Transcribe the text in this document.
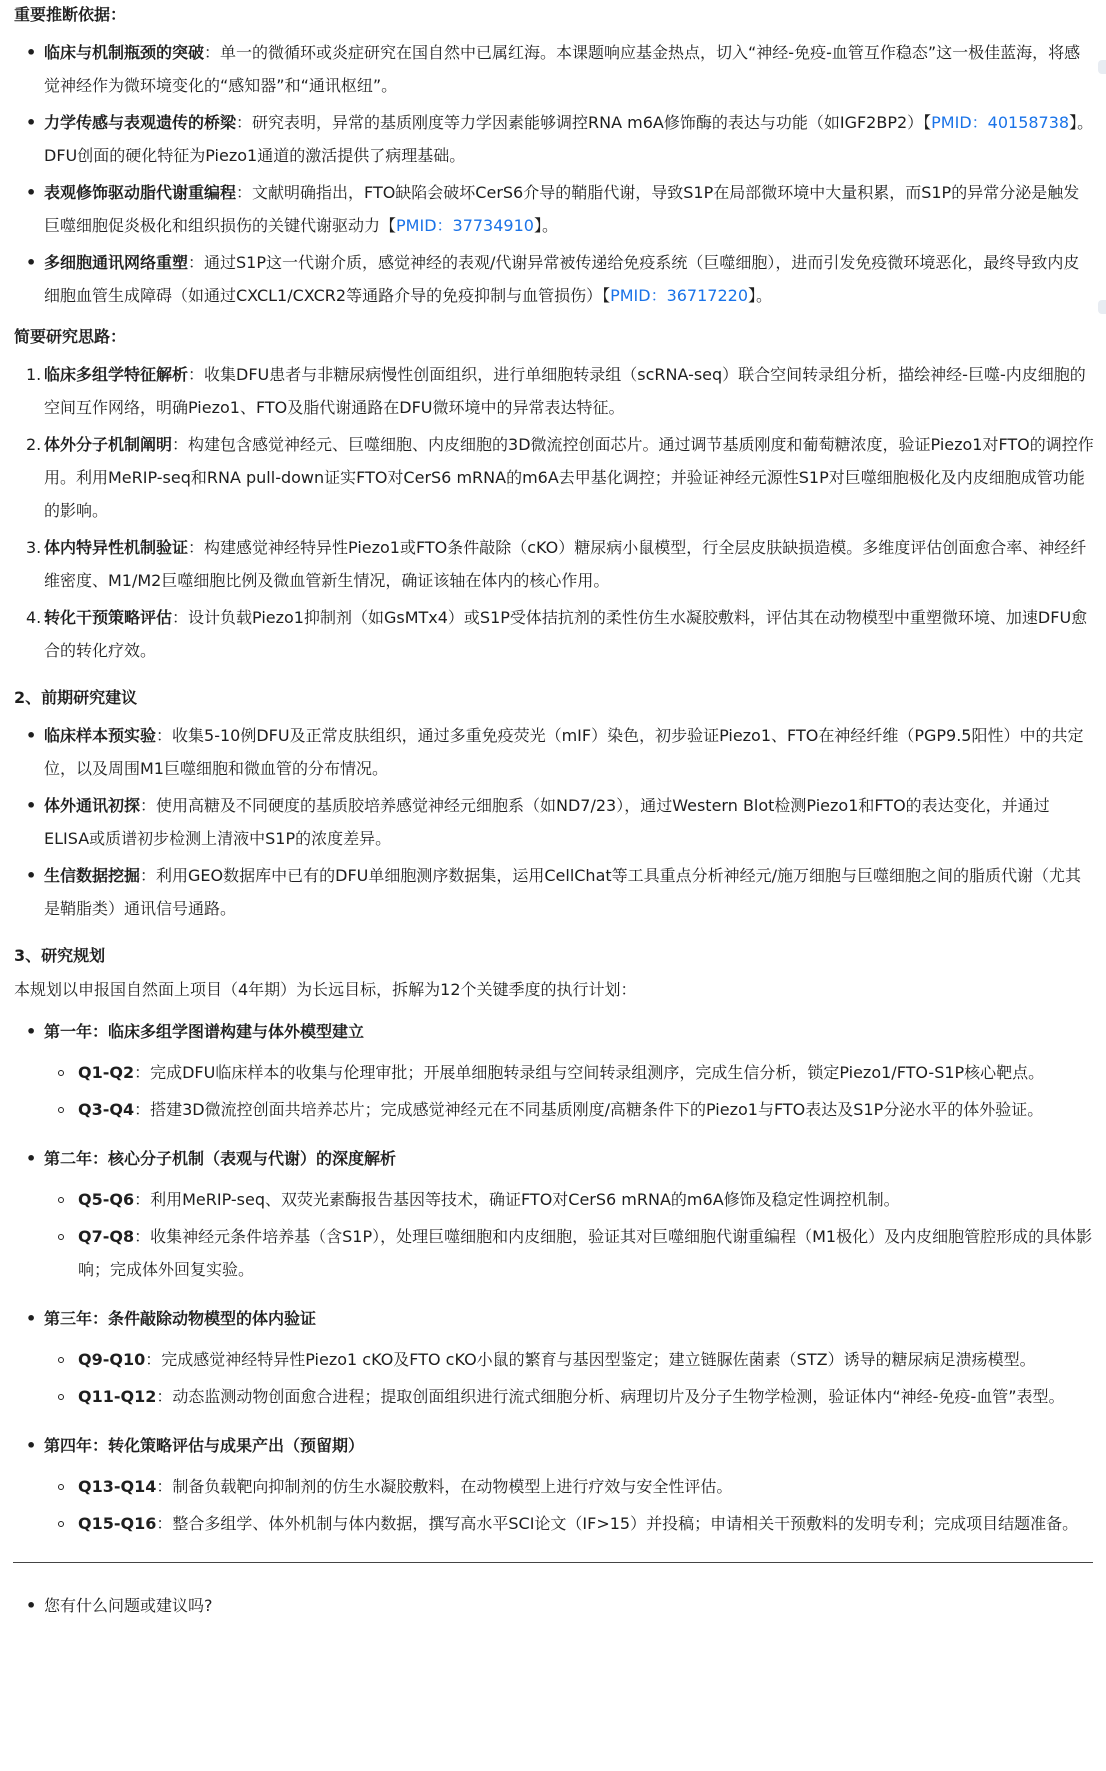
重要推断依据：
• 临床与机制瓶颈的突破：单一的微循环或炎症研究在国自然中已属红海。本课题响应基金热点，切入“神经-免疫-血管互作稳态”这一极佳蓝海，将感觉神经作为微环境变化的“感知器”和“通讯枢纽”。
• 力学传感与表观遗传的桥梁：研究表明，异常的基质刚度等力学因素能够调控RNA m6A修饰酶的表达与功能（如IGF2BP2）【PMID：40158738】。DFU创面的硬化特征为Piezo1通道的激活提供了病理基础。
• 表观修饰驱动脂代谢重编程：文献明确指出，FTO缺陷会破坏CerS6介导的鞘脂代谢，导致S1P在局部微环境中大量积累，而S1P的异常分泌是触发巨噬细胞促炎极化和组织损伤的关键代谢驱动力【PMID：37734910】。
• 多细胞通讯网络重塑：通过S1P这一代谢介质，感觉神经的表观/代谢异常被传递给免疫系统（巨噬细胞），进而引发免疫微环境恶化，最终导致内皮细胞血管生成障碍（如通过CXCL1/CXCR2等通路介导的免疫抑制与血管损伤）【PMID：36717220】。
简要研究思路：
1. 临床多组学特征解析：收集DFU患者与非糖尿病慢性创面组织，进行单细胞转录组（scRNA-seq）联合空间转录组分析，描绘神经-巨噬-内皮细胞的空间互作网络，明确Piezo1、FTO及脂代谢通路在DFU微环境中的异常表达特征。
2. 体外分子机制阐明：构建包含感觉神经元、巨噬细胞、内皮细胞的3D微流控创面芯片。通过调节基质刚度和葡萄糖浓度，验证Piezo1对FTO的调控作用。利用MeRIP-seq和RNA pull-down证实FTO对CerS6 mRNA的m6A去甲基化调控；并验证神经元源性S1P对巨噬细胞极化及内皮细胞成管功能的影响。
3. 体内特异性机制验证：构建感觉神经特异性Piezo1或FTO条件敲除（cKO）糖尿病小鼠模型，行全层皮肤缺损造模。多维度评估创面愈合率、神经纤维密度、M1/M2巨噬细胞比例及微血管新生情况，确证该轴在体内的核心作用。
4. 转化干预策略评估：设计负载Piezo1抑制剂（如GsMTx4）或S1P受体拮抗剂的柔性仿生水凝胶敷料，评估其在动物模型中重塑微环境、加速DFU愈合的转化疗效。
2、前期研究建议
• 临床样本预实验：收集5-10例DFU及正常皮肤组织，通过多重免疫荧光（mIF）染色，初步验证Piezo1、FTO在神经纤维（PGP9.5阳性）中的共定位，以及周围M1巨噬细胞和微血管的分布情况。
• 体外通讯初探：使用高糖及不同硬度的基质胶培养感觉神经元细胞系（如ND7/23），通过Western Blot检测Piezo1和FTO的表达变化，并通过ELISA或质谱初步检测上清液中S1P的浓度差异。
• 生信数据挖掘：利用GEO数据库中已有的DFU单细胞测序数据集，运用CellChat等工具重点分析神经元/施万细胞与巨噬细胞之间的脂质代谢（尤其是鞘脂类）通讯信号通路。
3、研究规划
本规划以申报国自然面上项目（4年期）为长远目标，拆解为12个关键季度的执行计划：
• 第一年：临床多组学图谱构建与体外模型建立
Q1-Q2：完成DFU临床样本的收集与伦理审批；开展单细胞转录组与空间转录组测序，完成生信分析，锁定Piezo1/FTO-S1P核心靶点。
Q3-Q4：搭建3D微流控创面共培养芯片；完成感觉神经元在不同基质刚度/高糖条件下的Piezo1与FTO表达及S1P分泌水平的体外验证。
• 第二年：核心分子机制（表观与代谢）的深度解析
Q5-Q6：利用MeRIP-seq、双荧光素酶报告基因等技术，确证FTO对CerS6 mRNA的m6A修饰及稳定性调控机制。
Q7-Q8：收集神经元条件培养基（含S1P），处理巨噬细胞和内皮细胞，验证其对巨噬细胞代谢重编程（M1极化）及内皮细胞管腔形成的具体影响；完成体外回复实验。
• 第三年：条件敲除动物模型的体内验证
Q9-Q10：完成感觉神经特异性Piezo1 cKO及FTO cKO小鼠的繁育与基因型鉴定；建立链脲佐菌素（STZ）诱导的糖尿病足溃疡模型。
Q11-Q12：动态监测动物创面愈合进程；提取创面组织进行流式细胞分析、病理切片及分子生物学检测，验证体内“神经-免疫-血管”表型。
• 第四年：转化策略评估与成果产出（预留期）
Q13-Q14：制备负载靶向抑制剂的仿生水凝胶敷料，在动物模型上进行疗效与安全性评估。
Q15-Q16：整合多组学、体外机制与体内数据，撰写高水平SCI论文（IF>15）并投稿；申请相关干预敷料的发明专利；完成项目结题准备。
• 您有什么问题或建议吗?
